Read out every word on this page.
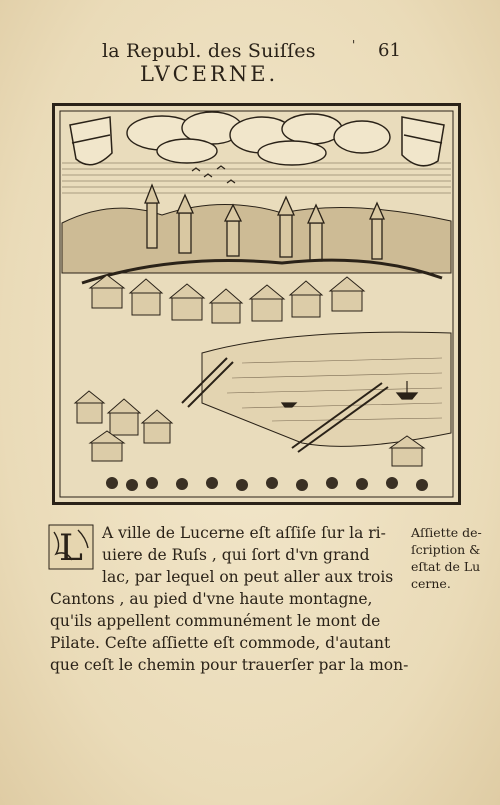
la Republ. des Suiſſes	' 61
LVCERNE.
L	A ville de Lucerne eſt aſſiſe ſur la ri-
uiere de Ruſs , qui ſort d'vn grand
lac, par lequel on peut aller aux trois
Cantons , au pied d'vne haute montagne,
qu'ils appellent communément le mont de
Pilate. Ceſte aſſiette eſt commode, d'autant
que ceſt le chemin pour trauerſer par la mon-
Aſſiette de-
ſcription &
eſtat de Lu
cerne.
